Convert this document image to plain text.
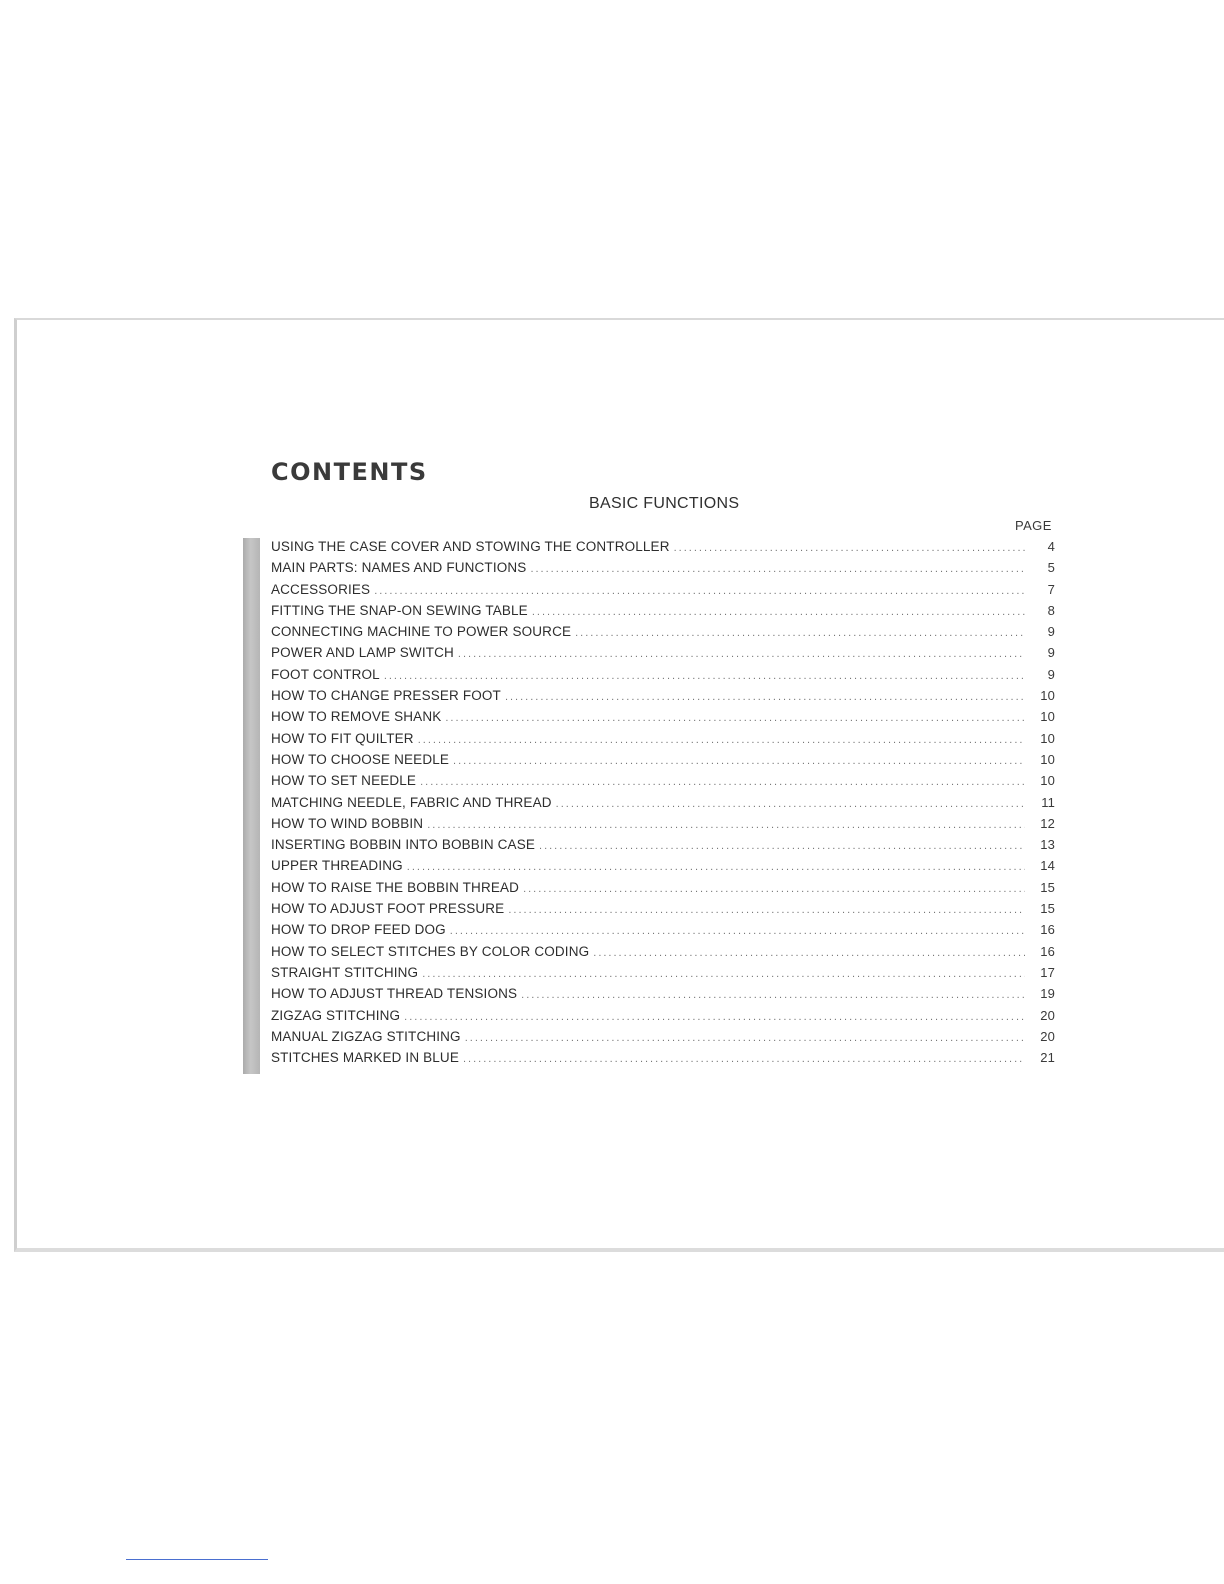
CONTENTS
BASIC FUNCTIONS
PAGE
USING THE CASE COVER AND STOWING THE CONTROLLER .....	4
MAIN PARTS: NAMES AND FUNCTIONS .....	5
ACCESSORIES .....	7
FITTING THE SNAP-ON SEWING TABLE .....	8
CONNECTING MACHINE TO POWER SOURCE .....	9
POWER AND LAMP SWITCH .....	9
FOOT CONTROL .....	9
HOW TO CHANGE PRESSER FOOT .....	10
HOW TO REMOVE SHANK .....	10
HOW TO FIT QUILTER .....	10
HOW TO CHOOSE NEEDLE .....	10
HOW TO SET NEEDLE .....	10
MATCHING NEEDLE, FABRIC AND THREAD .....	11
HOW TO WIND BOBBIN .....	12
INSERTING BOBBIN INTO BOBBIN CASE .....	13
UPPER THREADING .....	14
HOW TO RAISE THE BOBBIN THREAD .....	15
HOW TO ADJUST FOOT PRESSURE .....	15
HOW TO DROP FEED DOG .....	16
HOW TO SELECT STITCHES BY COLOR CODING .....	16
STRAIGHT STITCHING .....	17
HOW TO ADJUST THREAD TENSIONS .....	19
ZIGZAG STITCHING .....	20
MANUAL ZIGZAG STITCHING .....	20
STITCHES MARKED IN BLUE .....	21
